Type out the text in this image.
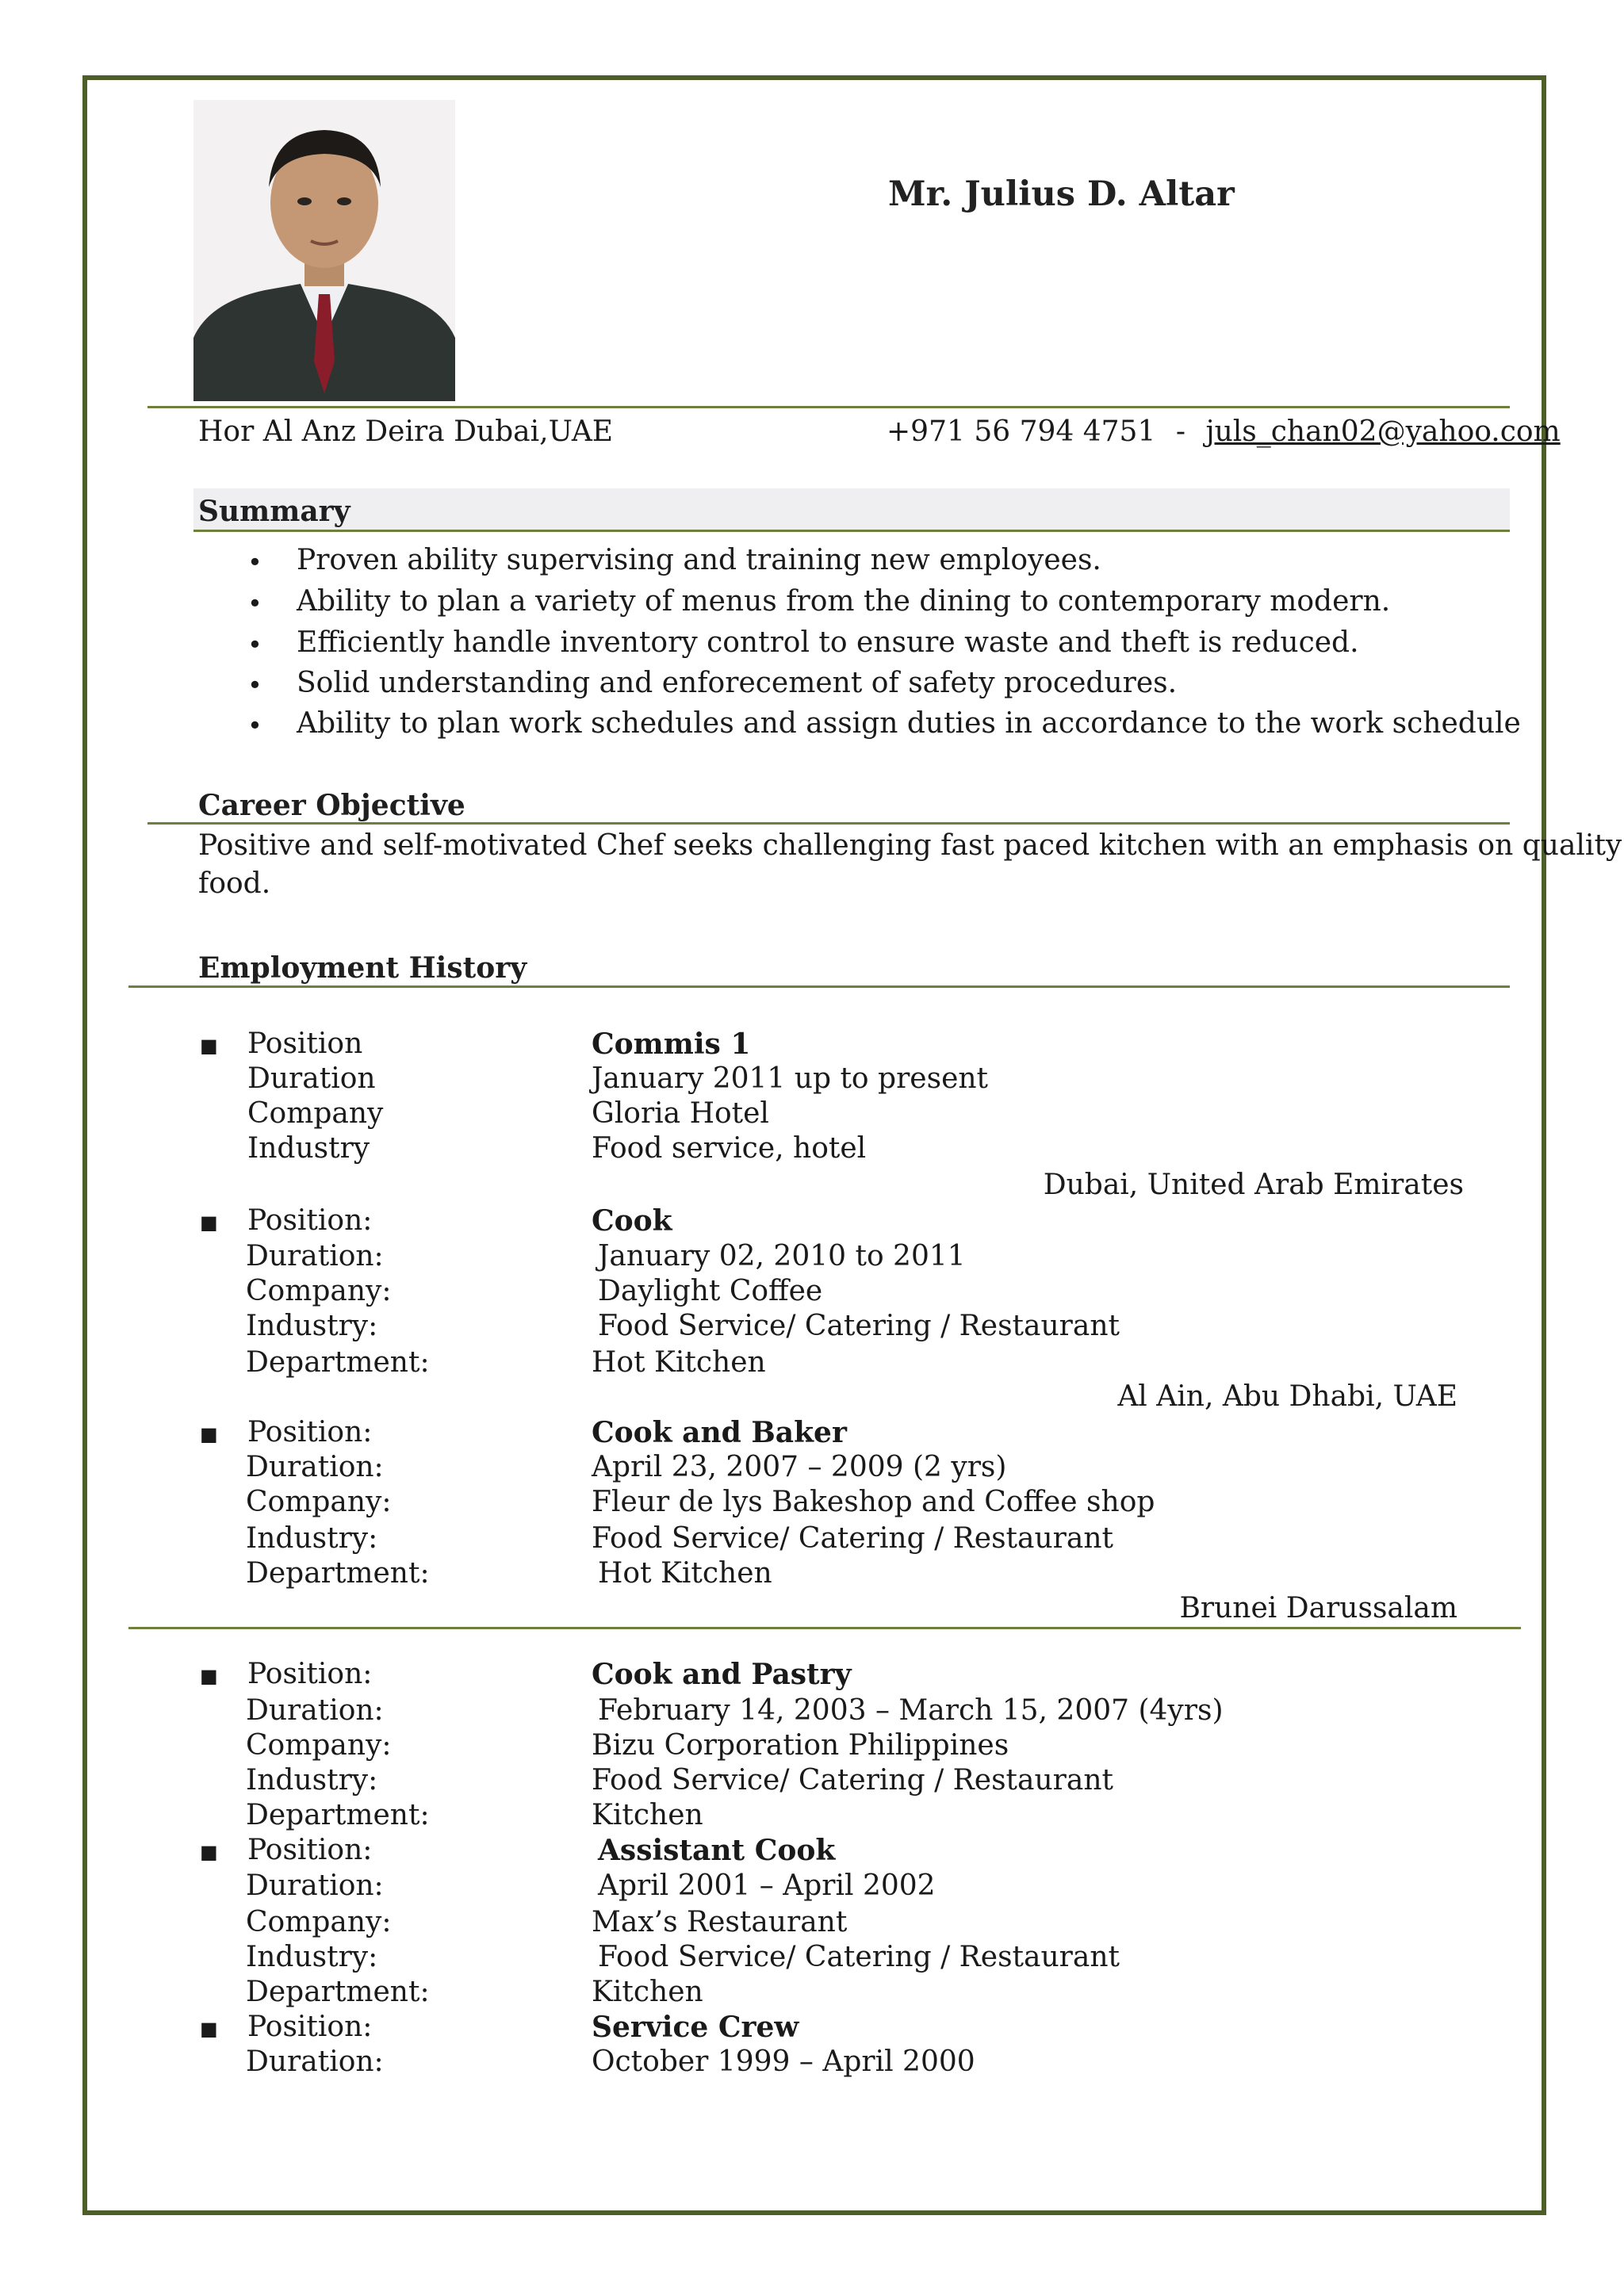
Mr. Julius D. Altar
Hor Al Anz Deira Dubai,UAE	+971 56 794 4751 - juls_chan02@yahoo.com
Summary
• Proven ability supervising and training new employees.
• Ability to plan a variety of menus from the dining to contemporary modern.
• Efficiently handle inventory control to ensure waste and theft is reduced.
• Solid understanding and enforecement of safety procedures.
• Ability to plan work schedules and assign duties in accordance to the work schedule
Career Objective
Positive and self-motivated Chef seeks challenging fast paced kitchen with an emphasis on quality
food.
Employment History
■ Position	Commis 1
Duration	January 2011 up to present
Company	Gloria Hotel
Industry	Food service, hotel
Dubai, United Arab Emirates
■ Position:	Cook
Duration:	January 02, 2010 to 2011
Company:	Daylight Coffee
Industry:	Food Service/ Catering / Restaurant
Department:	Hot Kitchen
Al Ain, Abu Dhabi, UAE
■ Position:	Cook and Baker
Duration:	April 23, 2007 – 2009 (2 yrs)
Company:	Fleur de lys Bakeshop and Coffee shop
Industry:	Food Service/ Catering / Restaurant
Department:	Hot Kitchen
Brunei Darussalam
■ Position:	Cook and Pastry
Duration:	February 14, 2003 – March 15, 2007 (4yrs)
Company:	Bizu Corporation Philippines
Industry:	Food Service/ Catering / Restaurant
Department:	Kitchen
■ Position:	Assistant Cook
Duration:	April 2001 – April 2002
Company:	Max’s Restaurant
Industry:	Food Service/ Catering / Restaurant
Department:	Kitchen
■ Position:	Service Crew
Duration:	October 1999 – April 2000
